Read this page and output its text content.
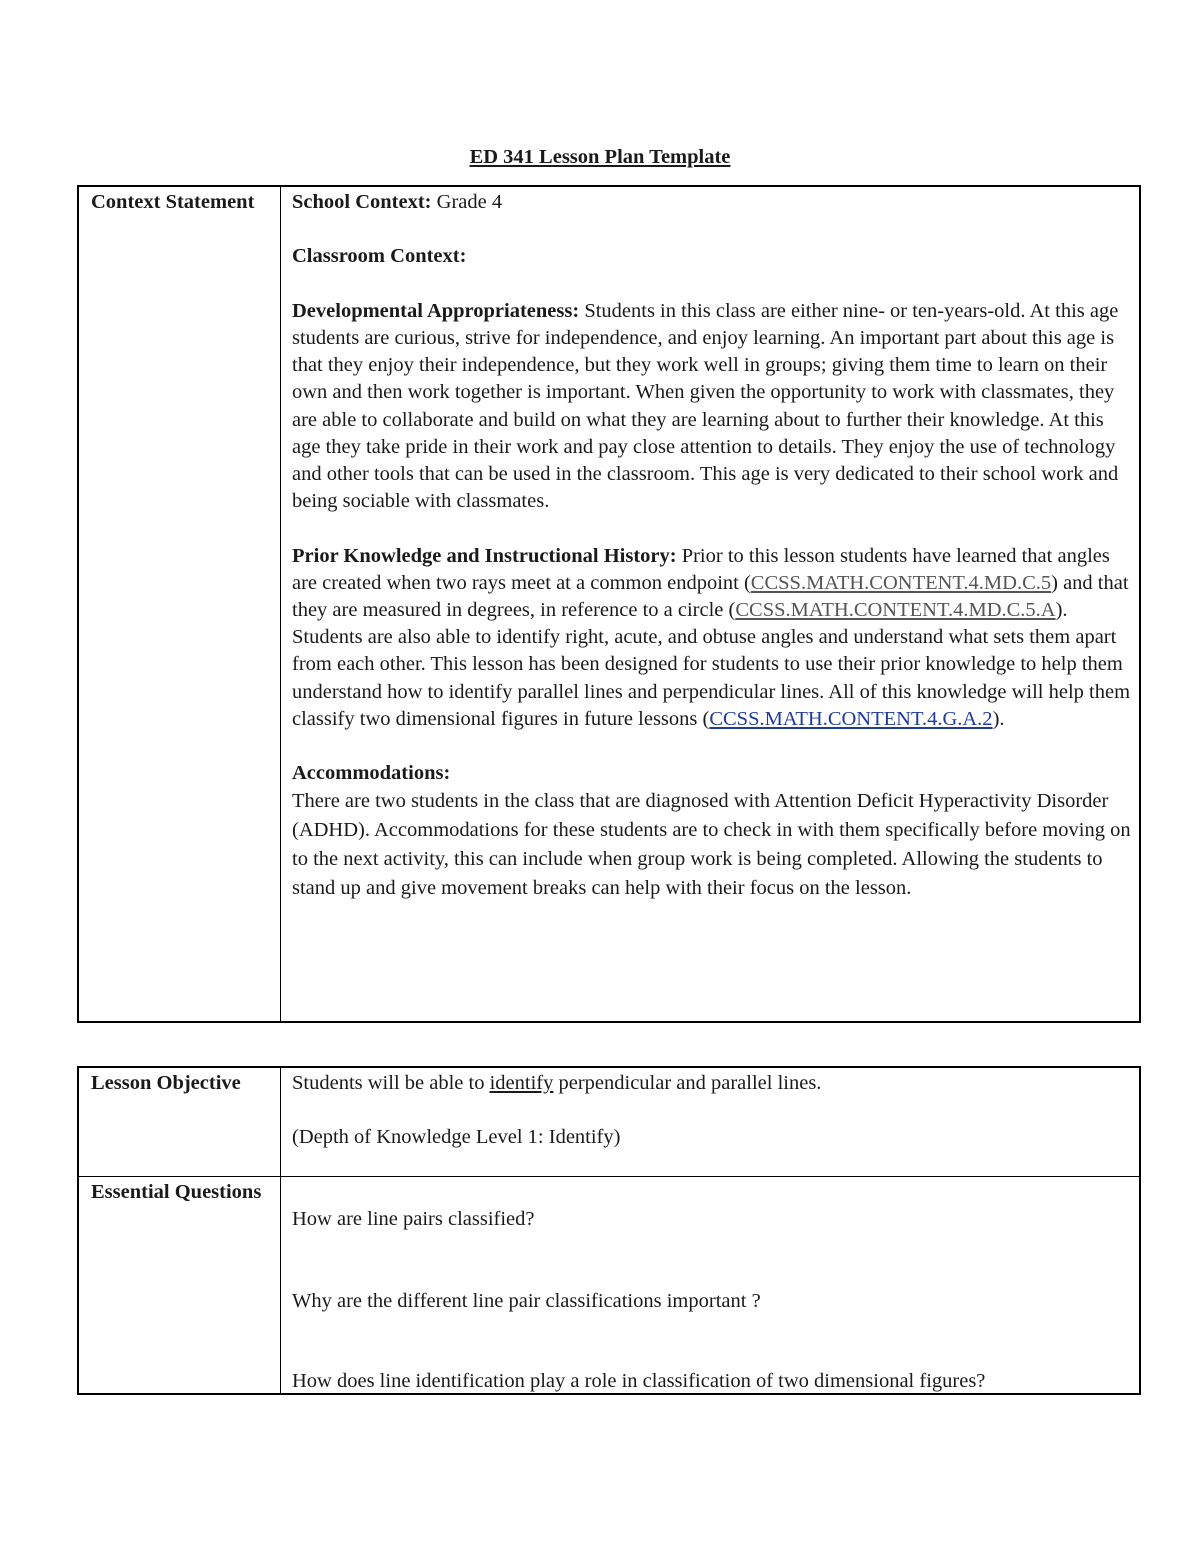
ED 341 Lesson Plan Template
Context Statement	School Context: Grade 4

Classroom Context:

Developmental Appropriateness: Students in this class are either nine- or ten-years-old. At this age students are curious, strive for independence, and enjoy learning. An important part about this age is that they enjoy their independence, but they work well in groups; giving them time to learn on their own and then work together is important. When given the opportunity to work with classmates, they are able to collaborate and build on what they are learning about to further their knowledge. At this age they take pride in their work and pay close attention to details. They enjoy the use of technology and other tools that can be used in the classroom. This age is very dedicated to their school work and being sociable with classmates.

Prior Knowledge and Instructional History: Prior to this lesson students have learned that angles are created when two rays meet at a common endpoint (CCSS.MATH.CONTENT.4.MD.C.5) and that they are measured in degrees, in reference to a circle (CCSS.MATH.CONTENT.4.MD.C.5.A). Students are also able to identify right, acute, and obtuse angles and understand what sets them apart from each other. This lesson has been designed for students to use their prior knowledge to help them understand how to identify parallel lines and perpendicular lines. All of this knowledge will help them classify two dimensional figures in future lessons (CCSS.MATH.CONTENT.4.G.A.2).

Accommodations:

There are two students in the class that are diagnosed with Attention Deficit Hyperactivity Disorder (ADHD). Accommodations for these students are to check in with them specifically before moving on to the next activity, this can include when group work is being completed. Allowing the students to stand up and give movement breaks can help with their focus on the lesson.

Lesson Objective	Students will be able to identify perpendicular and parallel lines.

(Depth of Knowledge Level 1: Identify)

Essential Questions
How are line pairs classified?
Why are the different line pair classifications important ?
How does line identification play a role in classification of two dimensional figures?
